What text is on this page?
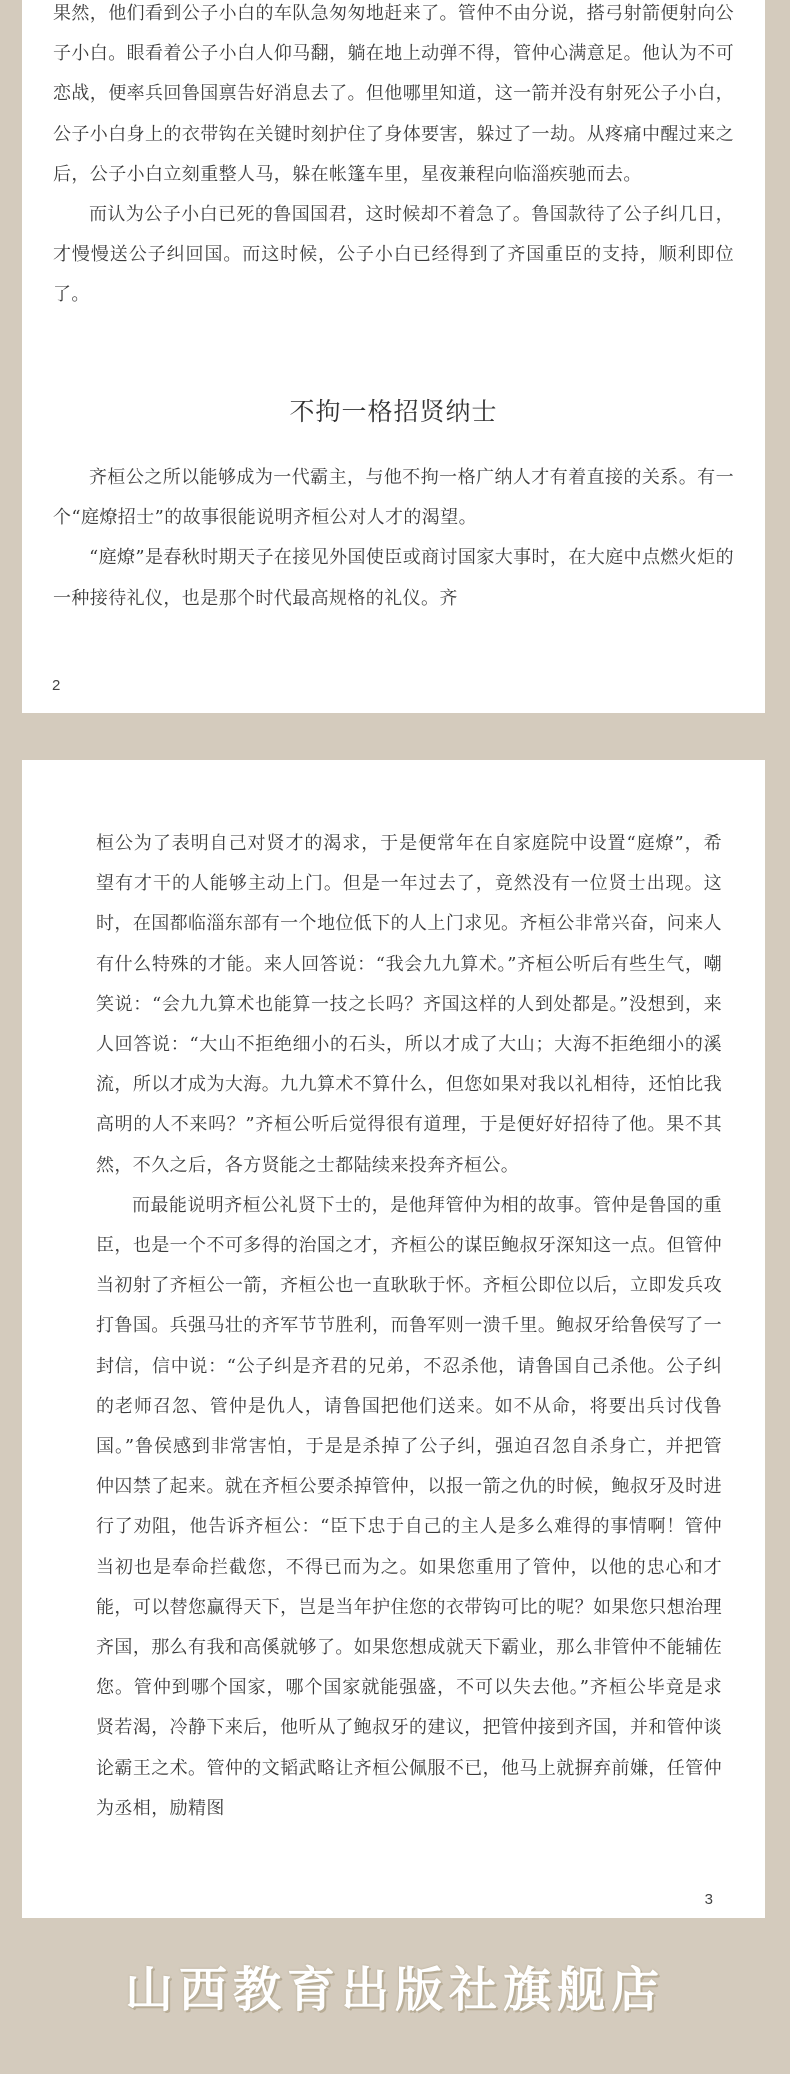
果然，他们看到公子小白的车队急匆匆地赶来了。管仲不由分说，搭弓射箭便射向公子小白。眼看着公子小白人仰马翻，躺在地上动弹不得，管仲心满意足。他认为不可恋战，便率兵回鲁国禀告好消息去了。但他哪里知道，这一箭并没有射死公子小白，公子小白身上的衣带钩在关键时刻护住了身体要害，躲过了一劫。从疼痛中醒过来之后，公子小白立刻重整人马，躲在帐篷车里，星夜兼程向临淄疾驰而去。

而认为公子小白已死的鲁国国君，这时候却不着急了。鲁国款待了公子纠几日，才慢慢送公子纠回国。而这时候，公子小白已经得到了齐国重臣的支持，顺利即位了。

不拘一格招贤纳士

齐桓公之所以能够成为一代霸主，与他不拘一格广纳人才有着直接的关系。有一个“庭燎招士”的故事很能说明齐桓公对人才的渴望。

“庭燎”是春秋时期天子在接见外国使臣或商讨国家大事时，在大庭中点燃火炬的一种接待礼仪，也是那个时代最高规格的礼仪。齐

2

桓公为了表明自己对贤才的渴求，于是便常年在自家庭院中设置“庭燎”，希望有才干的人能够主动上门。但是一年过去了，竟然没有一位贤士出现。这时，在国都临淄东部有一个地位低下的人上门求见。齐桓公非常兴奋，问来人有什么特殊的才能。来人回答说：“我会九九算术。”齐桓公听后有些生气，嘲笑说：“会九九算术也能算一技之长吗？齐国这样的人到处都是。”没想到，来人回答说：“大山不拒绝细小的石头，所以才成了大山；大海不拒绝细小的溪流，所以才成为大海。九九算术不算什么，但您如果对我以礼相待，还怕比我高明的人不来吗？”齐桓公听后觉得很有道理，于是便好好招待了他。果不其然，不久之后，各方贤能之士都陆续来投奔齐桓公。

而最能说明齐桓公礼贤下士的，是他拜管仲为相的故事。管仲是鲁国的重臣，也是一个不可多得的治国之才，齐桓公的谋臣鲍叔牙深知这一点。但管仲当初射了齐桓公一箭，齐桓公也一直耿耿于怀。齐桓公即位以后，立即发兵攻打鲁国。兵强马壮的齐军节节胜利，而鲁军则一溃千里。鲍叔牙给鲁侯写了一封信，信中说：“公子纠是齐君的兄弟，不忍杀他，请鲁国自己杀他。公子纠的老师召忽、管仲是仇人，请鲁国把他们送来。如不从命，将要出兵讨伐鲁国。”鲁侯感到非常害怕，于是是杀掉了公子纠，强迫召忽自杀身亡，并把管仲囚禁了起来。就在齐桓公要杀掉管仲，以报一箭之仇的时候，鲍叔牙及时进行了劝阻，他告诉齐桓公：“臣下忠于自己的主人是多么难得的事情啊！管仲当初也是奉命拦截您，不得已而为之。如果您重用了管仲，以他的忠心和才能，可以替您赢得天下，岂是当年护住您的衣带钩可比的呢？如果您只想治理齐国，那么有我和高傒就够了。如果您想成就天下霸业，那么非管仲不能辅佐您。管仲到哪个国家，哪个国家就能强盛，不可以失去他。”齐桓公毕竟是求贤若渴，冷静下来后，他听从了鲍叔牙的建议，把管仲接到齐国，并和管仲谈论霸王之术。管仲的文韬武略让齐桓公佩服不已，他马上就摒弃前嫌，任管仲为丞相，励精图

3
山西教育出版社旗舰店
